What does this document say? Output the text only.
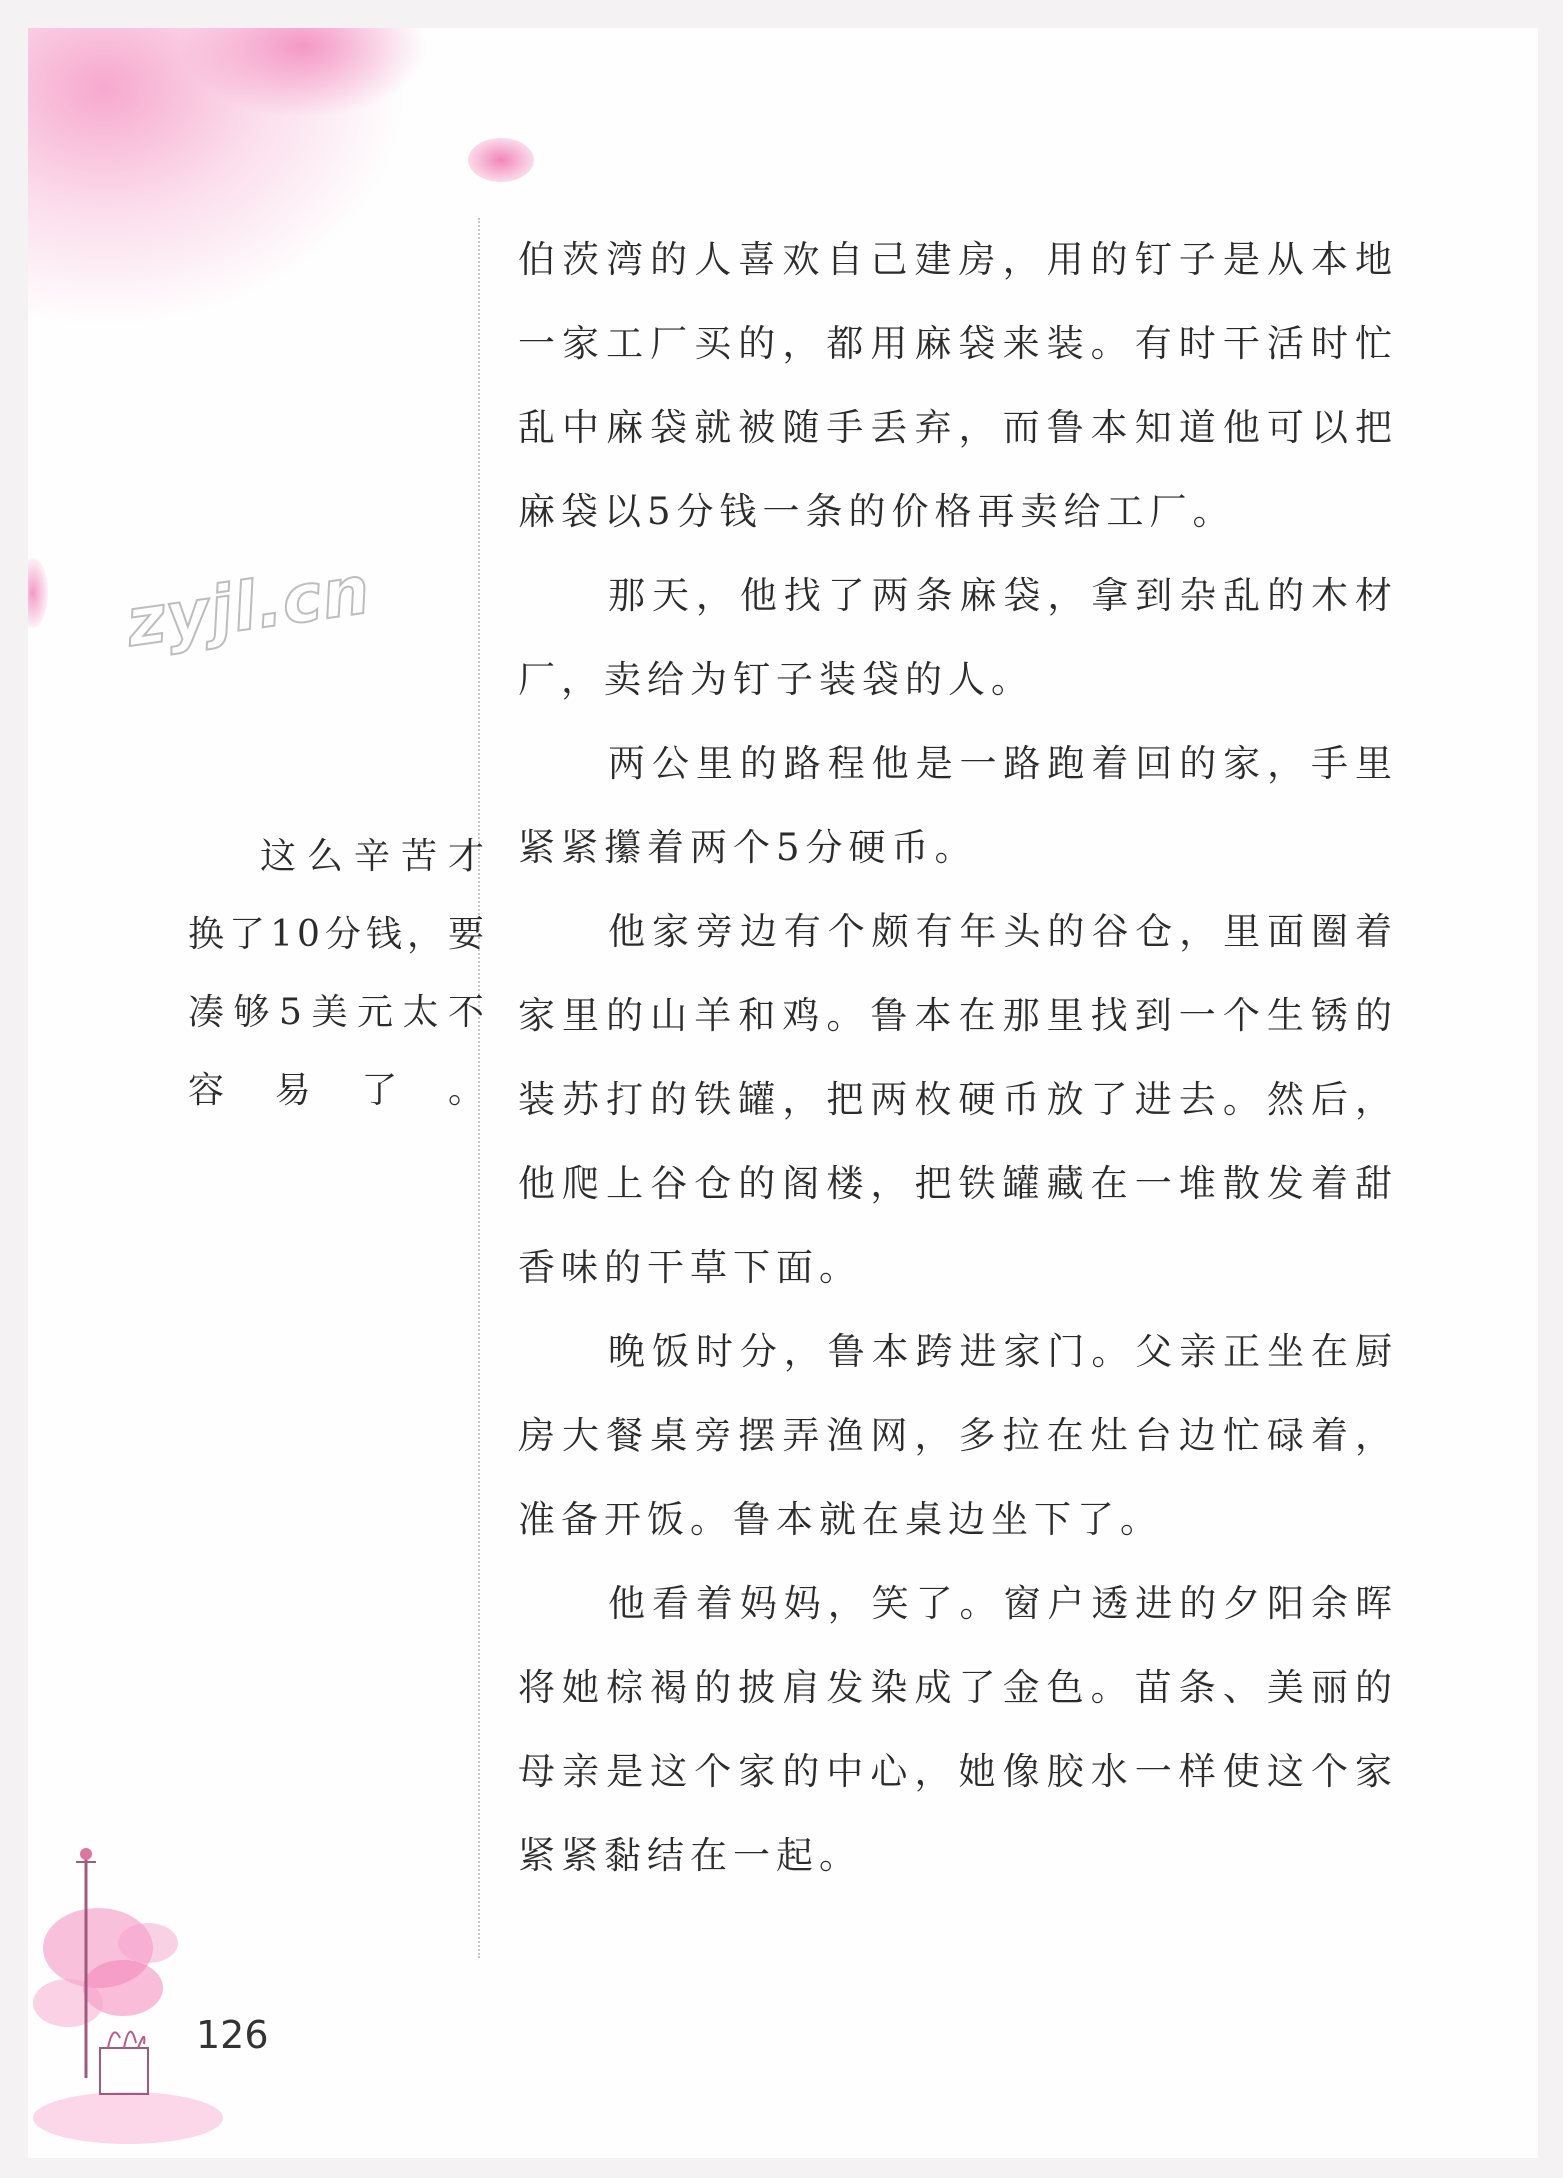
zyjl.cn
这么辛苦才换了10分钱，要凑够5美元太不容易了。

伯茨湾的人喜欢自己建房，用的钉子是从本地一家工厂买的，都用麻袋来装。有时干活时忙乱中麻袋就被随手丢弃，而鲁本知道他可以把麻袋以5分钱一条的价格再卖给工厂。

那天，他找了两条麻袋，拿到杂乱的木材厂，卖给为钉子装袋的人。

两公里的路程他是一路跑着回的家，手里紧紧攥着两个5分硬币。

他家旁边有个颇有年头的谷仓，里面圈着家里的山羊和鸡。鲁本在那里找到一个生锈的装苏打的铁罐，把两枚硬币放了进去。然后，他爬上谷仓的阁楼，把铁罐藏在一堆散发着甜香味的干草下面。

晚饭时分，鲁本跨进家门。父亲正坐在厨房大餐桌旁摆弄渔网，多拉在灶台边忙碌着，准备开饭。鲁本就在桌边坐下了。

他看着妈妈，笑了。窗户透进的夕阳余晖将她棕褐的披肩发染成了金色。苗条、美丽的母亲是这个家的中心，她像胶水一样使这个家紧紧黏结在一起。

126
